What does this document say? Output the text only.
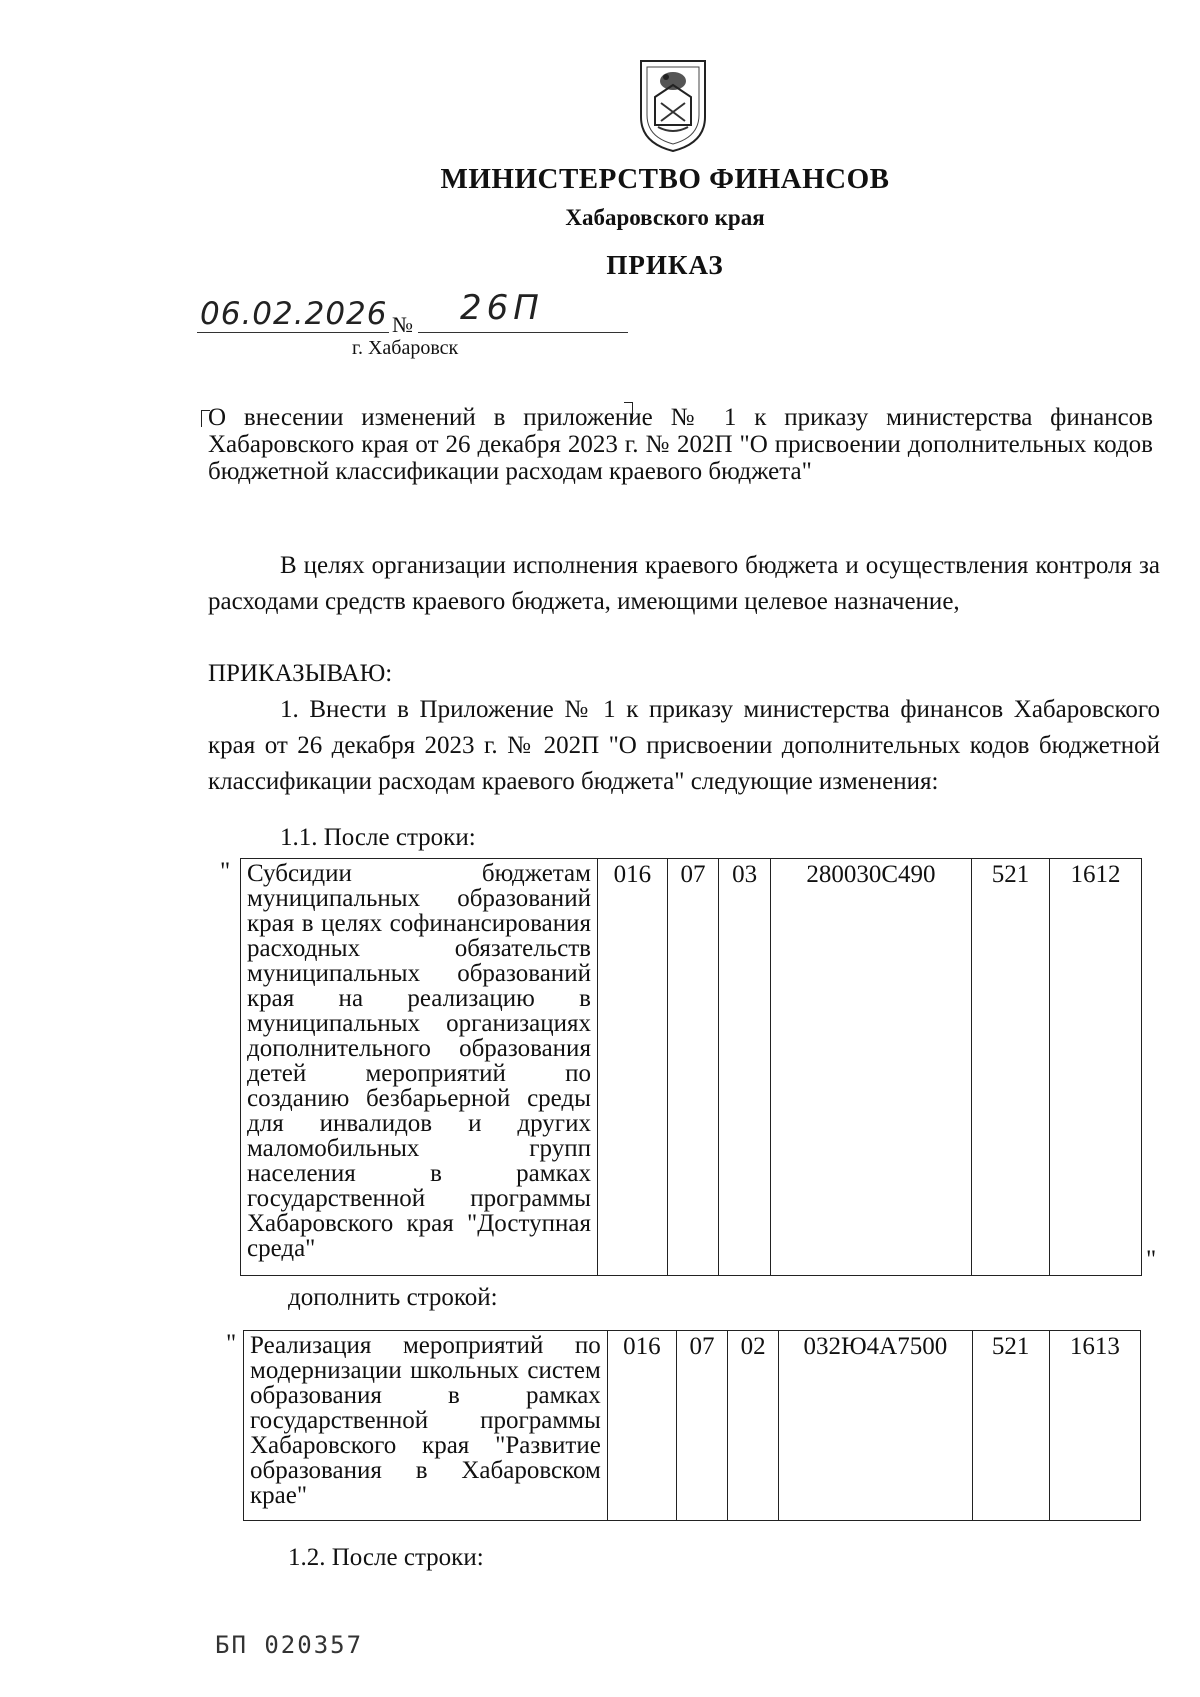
МИНИСТЕРСТВО ФИНАНСОВ
Хабаровского края
ПРИКАЗ
06.02.2026 № 26П
г. Хабаровск
О внесении изменений в приложение № 1 к приказу министерства финансов Хабаровского края от 26 декабря 2023 г. № 202П "О присвоении дополнительных кодов бюджетной классификации расходам краевого бюджета"
В целях организации исполнения краевого бюджета и осуществления контроля за расходами средств краевого бюджета, имеющими целевое назначение,
ПРИКАЗЫВАЮ:
1. Внести в Приложение № 1 к приказу министерства финансов Хабаровского края от 26 декабря 2023 г. № 202П "О присвоении дополнительных кодов бюджетной классификации расходам краевого бюджета" следующие изменения:
1.1. После строки:
" Субсидии бюджетам муниципальных образований края в целях софинансирования расходных обязательств муниципальных образований края на реализацию в муниципальных организациях дополнительного образования детей мероприятий по созданию безбарьерной среды для инвалидов и других маломобильных групп населения в рамках государственной программы Хабаровского края "Доступная среда"	016	07	03	280030С490	521	1612
"
дополнить строкой:
" Реализация мероприятий по модернизации школьных систем образования в рамках государственной программы Хабаровского края "Развитие образования в Хабаровском крае"	016	07	02	032Ю4А7500	521	1613
1.2. После строки:
БП 020357
